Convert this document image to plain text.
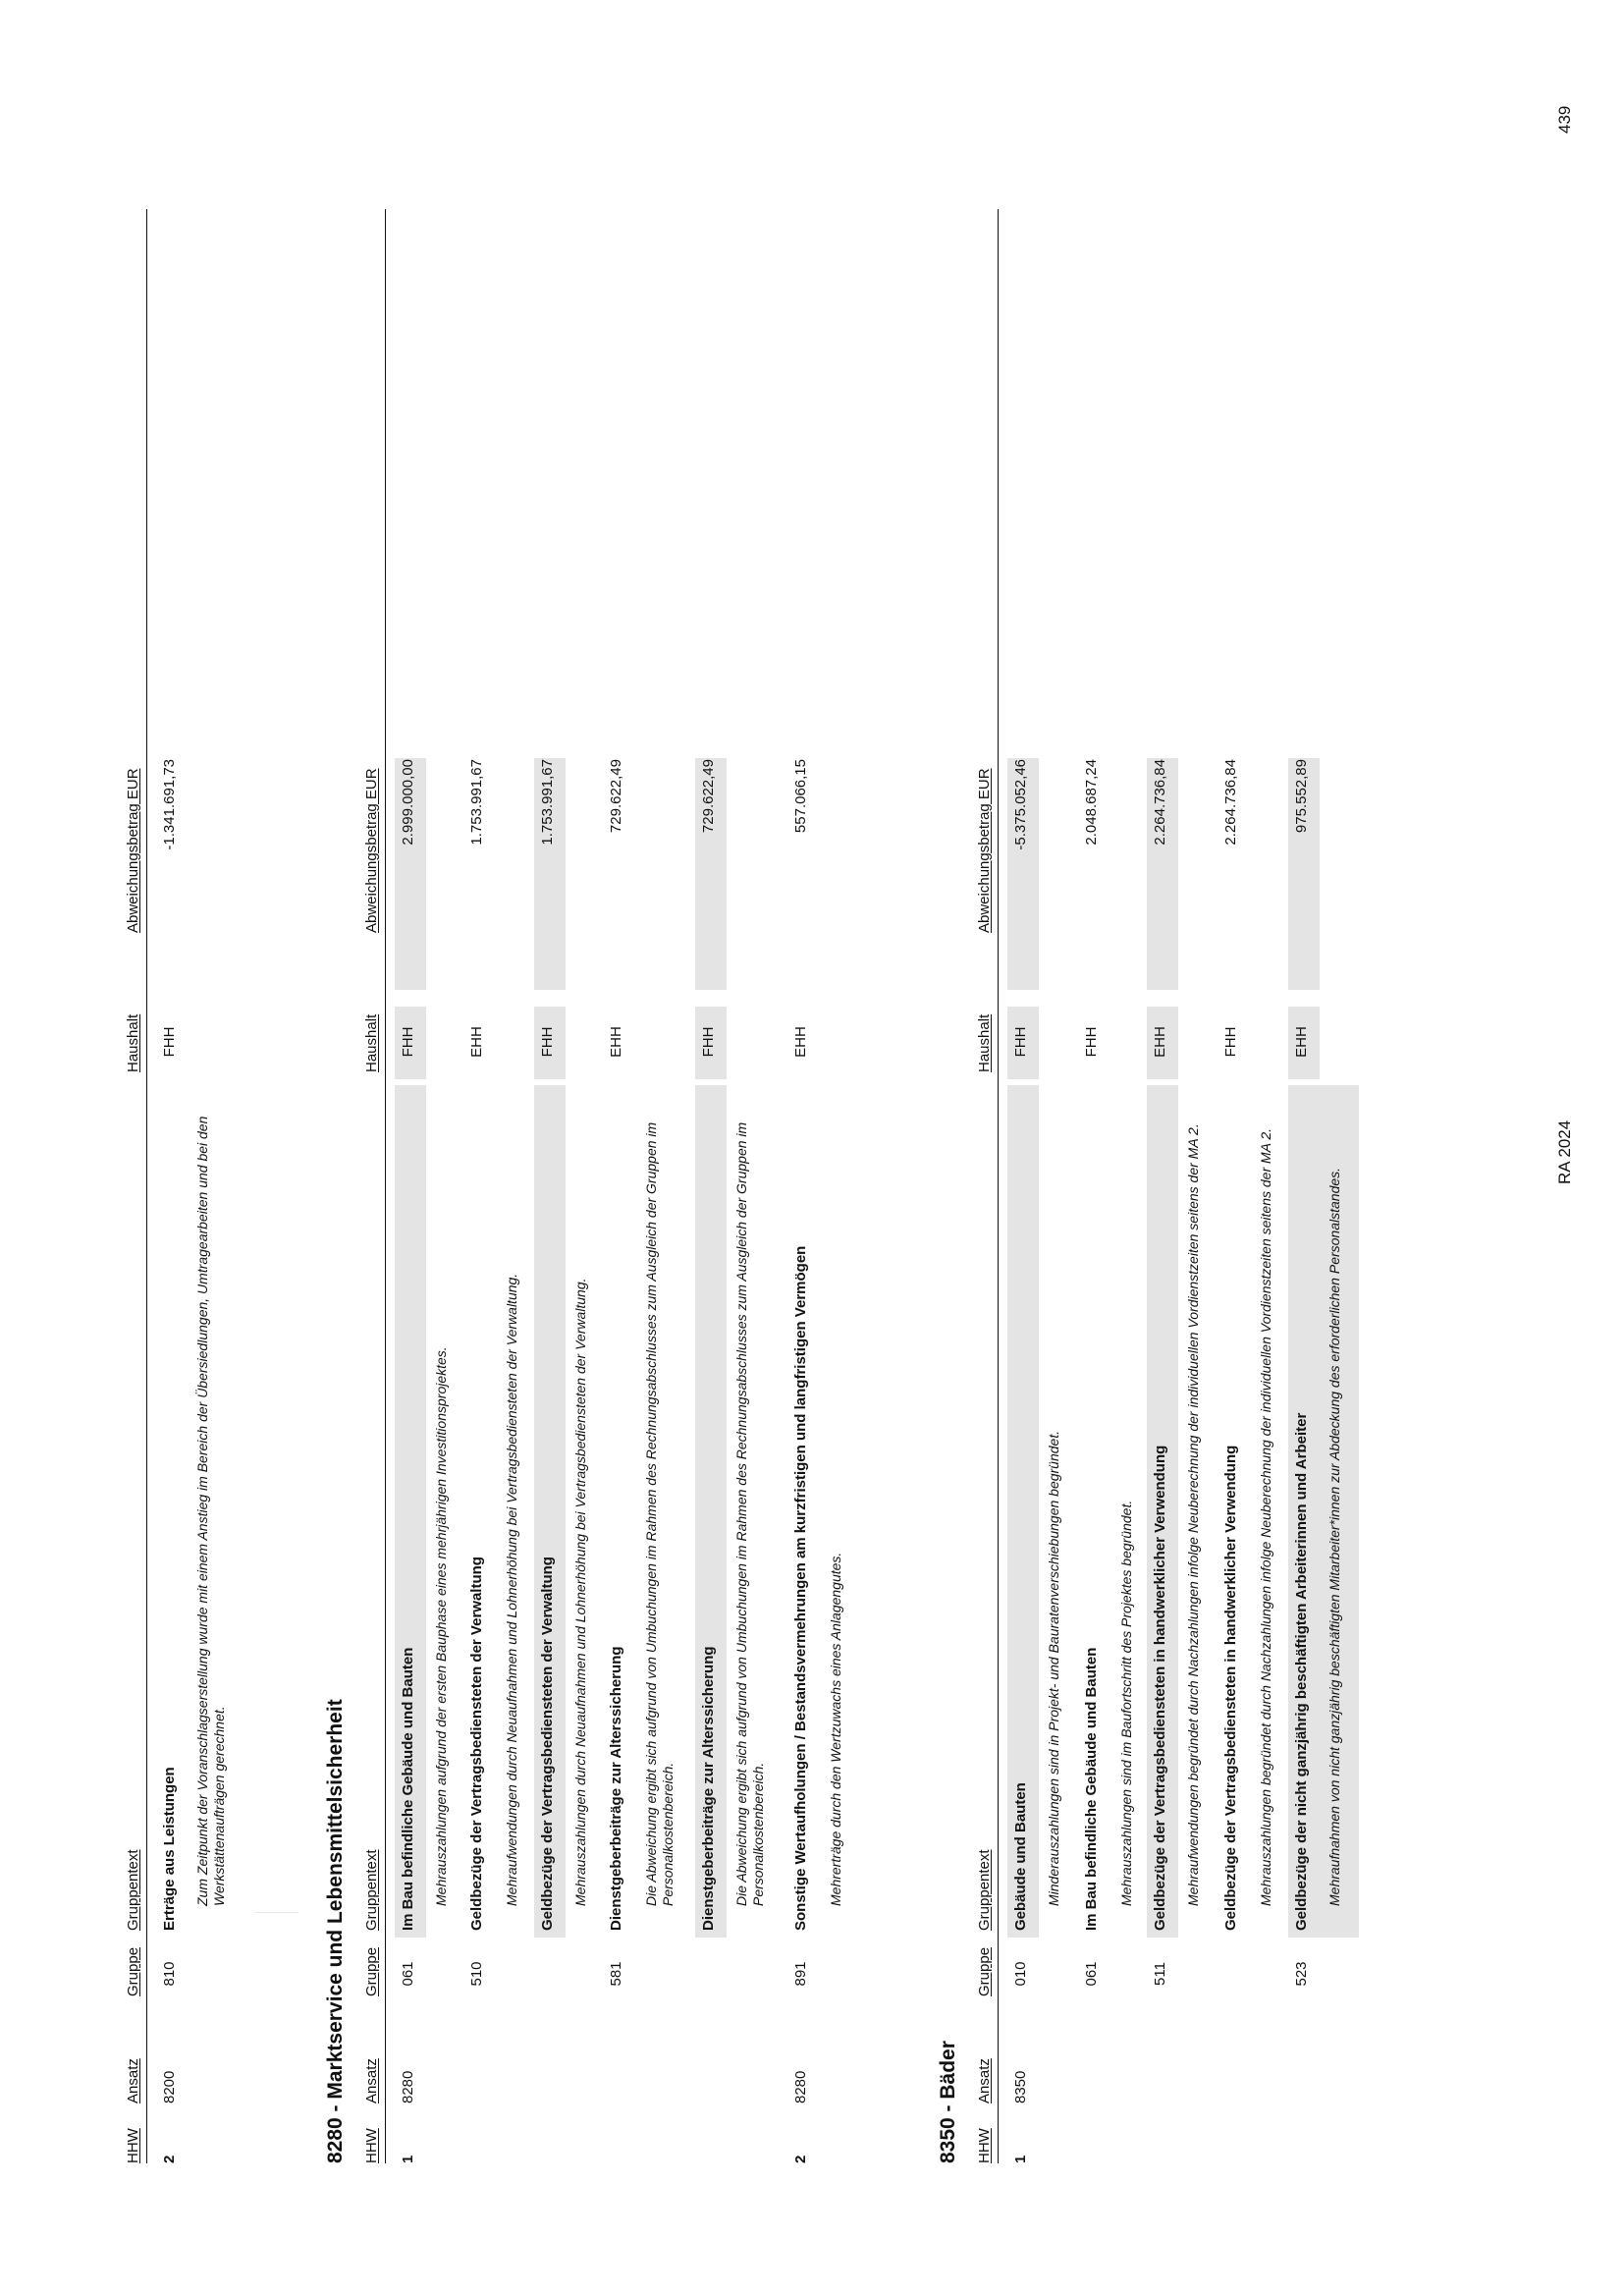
HHW
Ansatz
Gruppe
Gruppentext
Haushalt
Abweichungsbetrag EUR
2
8200
810
Erträge aus Leistungen
FHH
-1.341.691,73
Zum Zeitpunkt der Voranschlagserstellung wurde mit einem Anstieg im Bereich der Übersiedlungen, Umtragearbeiten und bei den Werkstättenaufträgen gerechnet.	8280 - Marktservice und Lebensmittelsicherheit HHW
Ansatz
Gruppe
Gruppentext
Haushalt
Abweichungsbetrag EUR
1
8280
061
Im Bau befindliche Gebäude und Bauten
FHH
2.999.000,00
Mehrauszahlungen aufgrund der ersten Bauphase eines mehrjährigen Investitionsprojektes.
510
Geldbezüge der Vertragsbediensteten der Verwaltung
EHH
1.753.991,67
Mehraufwendungen durch Neuaufnahmen und Lohnerhöhung bei Vertragsbediensteten der Verwaltung. Geldbezüge der Vertragsbediensteten der Verwaltung
FHH
1.753.991,67
Mehrauszahlungen durch Neuaufnahmen und Lohnerhöhung bei Vertragsbediensteten der Verwaltung.
581
Dienstgeberbeiträge zur Alterssicherung
EHH
729.622,49
Die Abweichung ergibt sich aufgrund von Umbuchungen im Rahmen des Rechnungsabschlusses zum Ausgleich der Gruppen im Personalkostenbereich. Dienstgeberbeiträge zur Alterssicherung
FHH
729.622,49
Die Abweichung ergibt sich aufgrund von Umbuchungen im Rahmen des Rechnungsabschlusses zum Ausgleich der Gruppen im Personalkostenbereich.
2
8280
891
Sonstige Wertaufholungen / Bestandsvermehrungen am kurzfristigen und langfristigen Vermögen
EHH
557.066,15
Mehrerträge durch den Wertzuwachs eines Anlagengutes.
8350 - Bäder HHW
Ansatz
Gruppe
Gruppentext
Haushalt
Abweichungsbetrag EUR
1
8350
010
Gebäude und Bauten
FHH
-5.375.052,46
Minderauszahlungen sind in Projekt- und Bauratenverschiebungen begründet.
061
Im Bau befindliche Gebäude und Bauten
FHH
2.048.687,24
Mehrauszahlungen sind im Baufortschritt des Projektes begründet.
511
Geldbezüge der Vertragsbediensteten in handwerklicher Verwendung
EHH
2.264.736,84
Mehraufwendungen begründet durch Nachzahlungen infolge Neuberechnung der individuellen Vordienstzeiten seitens der MA 2. Geldbezüge der Vertragsbediensteten in handwerklicher Verwendung
FHH
2.264.736,84
Mehrauszahlungen begründet durch Nachzahlungen infolge Neuberechnung der individuellen Vordienstzeiten seitens der MA 2.
523
Geldbezüge der nicht ganzjährig beschäftigten Arbeiterinnen und Arbeiter
EHH
975.552,89
Mehraufnahmen von nicht ganzjährig beschäftigten Mitarbeiter*innen zur Abdeckung des erforderlichen Personalstandes.
RA 2024
439
